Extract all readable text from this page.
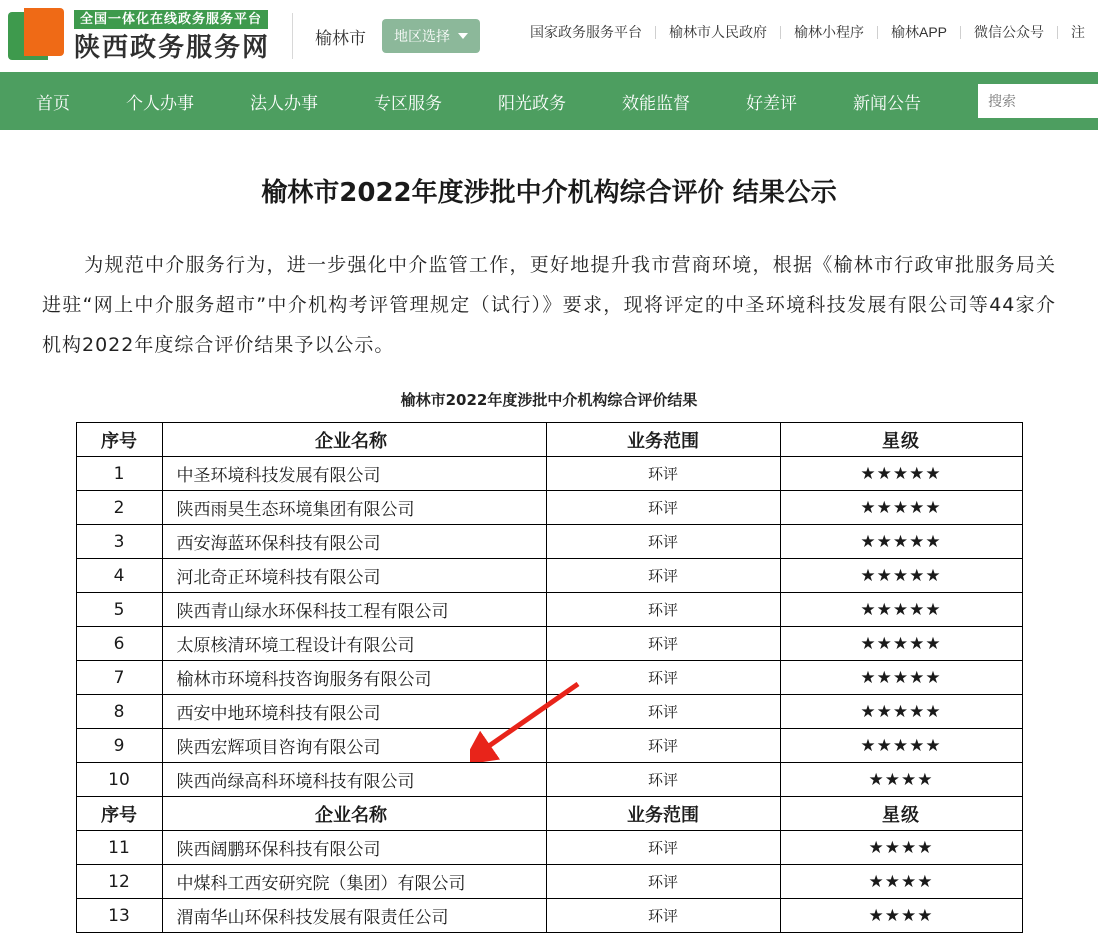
全国一体化在线政务服务平台
陕西政务服务网	榆林市 地区选择	国家政务服务平台	榆林市人民政府	榆林小程序	榆林APP	微信公众号	注
首页	个人办事	法人办事	专区服务	阳光政务	效能监督	好差评	新闻公告
搜索
榆林市2022年度涉批中介机构综合评价 结果公示
为规范中介服务行为，进一步强化中介监管工作，更好地提升我市营商环境，根据《榆林市行政审批服务局关进驻“网上中介服务超市”中介机构考评管理规定（试行）》要求，现将评定的中圣环境科技发展有限公司等44家介机构2022年度综合评价结果予以公示。
榆林市2022年度涉批中介机构综合评价结果
序号	企业名称	业务范围	星级
1	中圣环境科技发展有限公司	环评	★★★★★
2	陕西雨昊生态环境集团有限公司	环评	★★★★★
3	西安海蓝环保科技有限公司	环评	★★★★★
4	河北奇正环境科技有限公司	环评	★★★★★
5	陕西青山绿水环保科技工程有限公司	环评	★★★★★
6	太原核清环境工程设计有限公司	环评	★★★★★
7	榆林市环境科技咨询服务有限公司	环评	★★★★★
8	西安中地环境科技有限公司	环评	★★★★★
9	陕西宏辉项目咨询有限公司	环评	★★★★★
10	陕西尚绿高科环境科技有限公司	环评	★★★★
序号	企业名称	业务范围	星级
11	陕西阔鹏环保科技有限公司	环评	★★★★
12	中煤科工西安研究院（集团）有限公司	环评	★★★★
13	渭南华山环保科技发展有限责任公司	环评	★★★★
